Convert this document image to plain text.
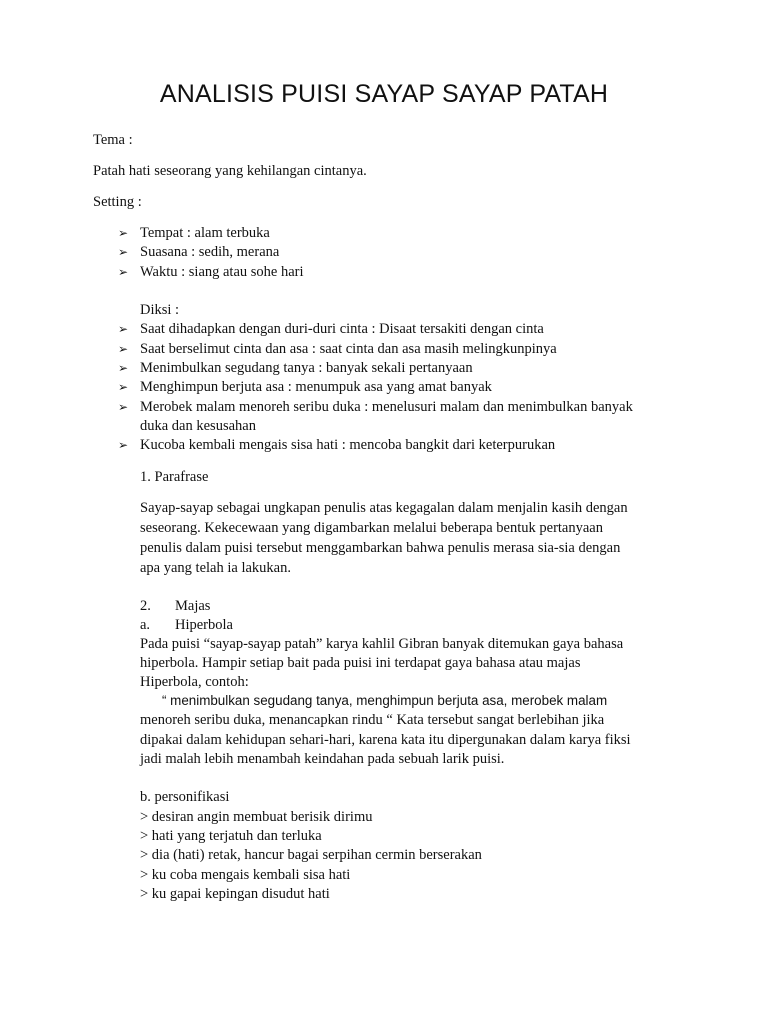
ANALISIS PUISI SAYAP SAYAP PATAH
Tema :
Patah hati seseorang yang kehilangan cintanya.
Setting :
➢ Tempat : alam terbuka
➢ Suasana : sedih, merana
➢ Waktu : siang atau sohe hari
Diksi :
➢ Saat dihadapkan dengan duri-duri cinta : Disaat tersakiti dengan cinta
➢ Saat berselimut cinta dan asa : saat cinta dan asa masih melingkunpinya
➢ Menimbulkan segudang tanya : banyak sekali pertanyaan
➢ Menghimpun berjuta asa : menumpuk asa yang amat banyak
➢ Merobek malam menoreh seribu duka : menelusuri malam dan menimbulkan banyak
duka dan kesusahan
➢ Kucoba kembali mengais sisa hati : mencoba bangkit dari keterpurukan
1. Parafrase
Sayap-sayap sebagai ungkapan penulis atas kegagalan dalam menjalin kasih dengan
seseorang. Kekecewaan yang digambarkan melalui beberapa bentuk pertanyaan
penulis dalam puisi tersebut menggambarkan bahwa penulis merasa sia-sia dengan
apa yang telah ia lakukan.
2. Majas
a. Hiperbola
Pada puisi “sayap-sayap patah” karya kahlil Gibran banyak ditemukan gaya bahasa
hiperbola. Hampir setiap bait pada puisi ini terdapat gaya bahasa atau majas
Hiperbola, contoh:
“ menimbulkan segudang tanya, menghimpun berjuta asa, merobek malam
menoreh seribu duka, menancapkan rindu “ Kata tersebut sangat berlebihan jika
dipakai dalam kehidupan sehari-hari, karena kata itu dipergunakan dalam karya fiksi
jadi malah lebih menambah keindahan pada sebuah larik puisi.
b. personifikasi
> desiran angin membuat berisik dirimu
> hati yang terjatuh dan terluka
> dia (hati) retak, hancur bagai serpihan cermin berserakan
> ku coba mengais kembali sisa hati
> ku gapai kepingan disudut hati
